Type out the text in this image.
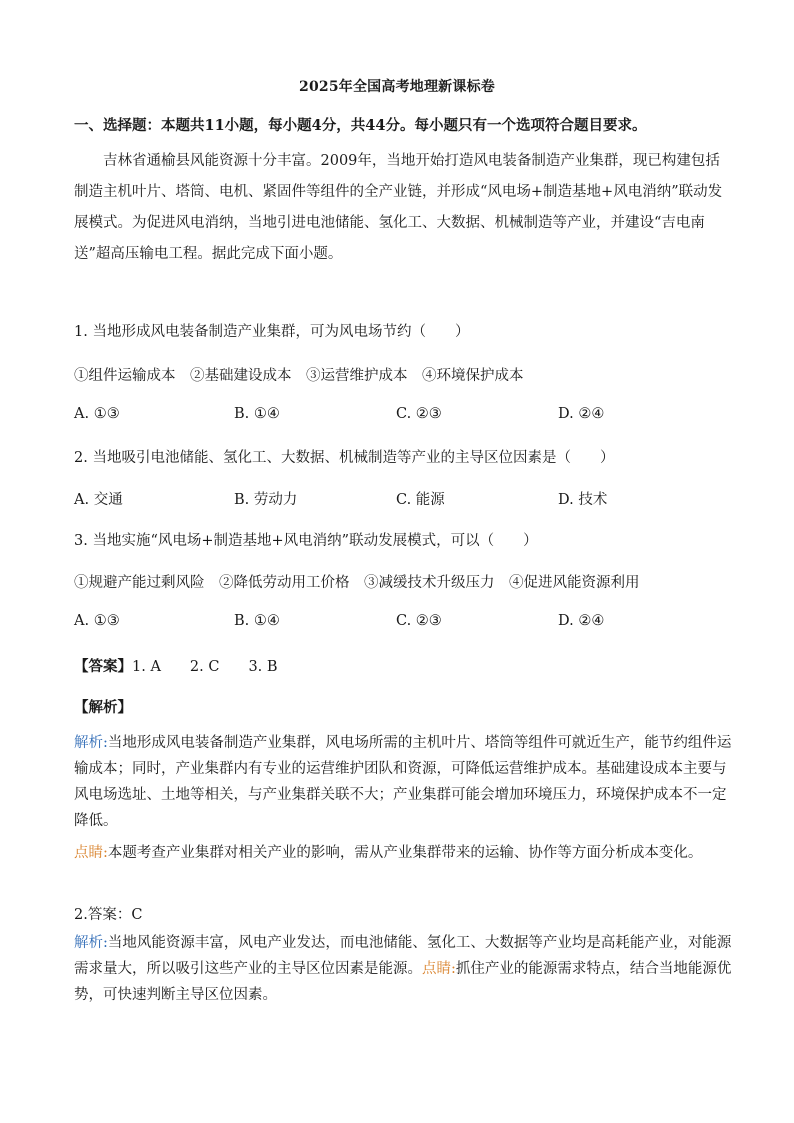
2025年全国高考地理新课标卷
一、选择题：本题共11小题，每小题4分，共44分。每小题只有一个选项符合题目要求。
吉林省通榆县风能资源十分丰富。2009年，当地开始打造风电装备制造产业集群，现已构建包括制造主机叶片、塔筒、电机、紧固件等组件的全产业链，并形成“风电场+制造基地+风电消纳”联动发展模式。为促进风电消纳，当地引进电池储能、氢化工、大数据、机械制造等产业，并建设“吉电南送”超高压输电工程。据此完成下面小题。
1. 当地形成风电装备制造产业集群，可为风电场节约（　　）
①组件运输成本　②基础建设成本　③运营维护成本　④环境保护成本
A. ①③	B. ①④	C. ②③	D. ②④
2. 当地吸引电池储能、氢化工、大数据、机械制造等产业的主导区位因素是（　　）
A. 交通	B. 劳动力	C. 能源	D. 技术
3. 当地实施“风电场+制造基地+风电消纳”联动发展模式，可以（　　）
①规避产能过剩风险　②降低劳动用工价格　③减缓技术升级压力　④促进风能资源利用
A. ①③	B. ①④	C. ②③	D. ②④
【答案】1. A　　2. C　　3. B
【解析】
解析:当地形成风电装备制造产业集群，风电场所需的主机叶片、塔筒等组件可就近生产，能节约组件运输成本；同时，产业集群内有专业的运营维护团队和资源，可降低运营维护成本。基础建设成本主要与风电场选址、土地等相关，与产业集群关联不大；产业集群可能会增加环境压力，环境保护成本不一定降低。
点睛:本题考查产业集群对相关产业的影响，需从产业集群带来的运输、协作等方面分析成本变化。
2.答案：C
解析:当地风能资源丰富，风电产业发达，而电池储能、氢化工、大数据等产业均是高耗能产业，对能源需求量大，所以吸引这些产业的主导区位因素是能源。点睛:抓住产业的能源需求特点，结合当地能源优势，可快速判断主导区位因素。
